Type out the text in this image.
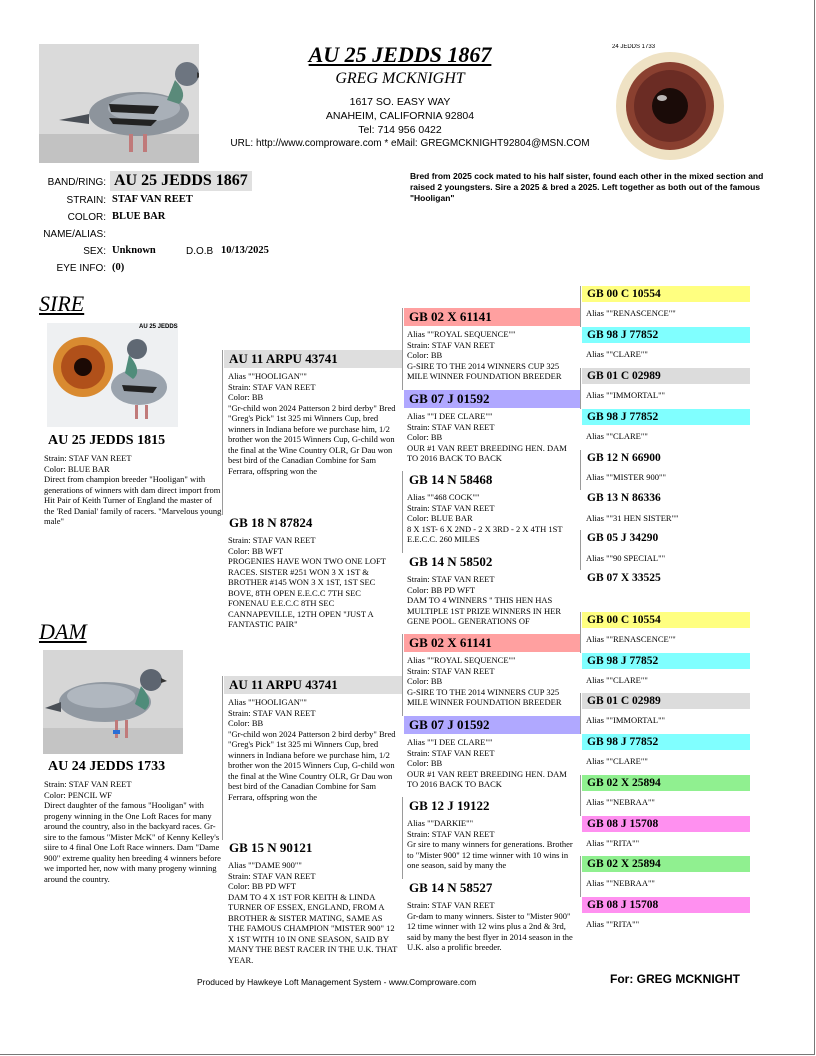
AU 25 JEDDS 1867
GREG MCKNIGHT
1617 SO. EASY WAY
ANAHEIM, CALIFORNIA 92804
Tel: 714 956 0422
URL: http://www.comproware.com * eMail: GREGMCKNIGHT92804@MSN.COM
24 JEDDS 1733
BAND/RING: AU 25 JEDDS 1867
STRAIN: STAF VAN REET
COLOR: BLUE BAR
NAME/ALIAS:
SEX: Unknown	D.O.B 10/13/2025
EYE INFO: (0)
Bred from 2025 cock mated to his half sister, found each other in the mixed section and raised 2 youngsters. Sire a 2025 & bred a 2025. Left together as both out of the famous "Hooligan"
SIRE
AU 25 JEDDS
AU 25 JEDDS 1815
Strain: STAF VAN REET
Color: BLUE BAR
Direct from champion breeder "Hooligan" with generations of winners with dam direct import from Hit Pair of Keith Turner of England the master of the 'Red Danial' family of racers. "Marvelous young male"
AU 11 ARPU 43741
Alias ""HOOLIGAN""
Strain: STAF VAN REET
Color: BB
"Gr-child won 2024 Patterson 2 bird derby" Bred "Greg's Pick" 1st 325 mi Winners Cup, bred winners in Indiana before we purchase him, 1/2 brother won the 2015 Winners Cup, G-child won the final at the Wine Country OLR, Gr Dau won best bird of the Canadian Combine for Sam Ferrara, offspring won the
GB 18 N 87824
Strain: STAF VAN REET
Color: BB WFT
PROGENIES HAVE WON TWO ONE LOFT RACES. SISTER #251 WON 3 X 1ST & BROTHER #145 WON 3 X 1ST, 1ST SEC BOVE, 8TH OPEN E.E.C.C 7TH SEC FONENAU E.E.C.C 8TH SEC CANNAPEVILLE, 12TH OPEN "JUST A FANTASTIC PAIR"
GB 02 X 61141
Alias ""ROYAL SEQUENCE""
Strain: STAF VAN REET
Color: BB
G-SIRE TO THE 2014 WINNERS CUP 325 MILE WINNER FOUNDATION BREEDER
GB 07 J 01592
Alias ""I DEE CLARE""
Strain: STAF VAN REET
Color: BB
OUR #1 VAN REET BREEDING HEN. DAM TO 2016 BACK TO BACK
GB 14 N 58468
Alias ""468 COCK""
Strain: STAF VAN REET
Color: BLUE BAR
8 X 1ST- 6 X 2ND - 2 X 3RD - 2 X 4TH 1ST E.E.C.C. 260 MILES
GB 14 N 58502
Strain: STAF VAN REET
Color: BB PD WFT
DAM TO 4 WINNERS " THIS HEN HAS MULTIPLE 1ST PRIZE WINNERS IN HER GENE POOL. GENERATIONS OF
GB 00 C 10554
Alias ""RENASCENCE""
GB 98 J 77852
Alias ""CLARE""
GB 01 C 02989
Alias ""IMMORTAL""
GB 98 J 77852
Alias ""CLARE""
GB 12 N 66900
Alias ""MISTER 900""
GB 13 N 86336
Alias ""31 HEN SISTER""
GB 05 J 34290
Alias ""90 SPECIAL""
GB 07 X 33525
DAM
AU 24 JEDDS 1733
Strain: STAF VAN REET
Color: PENCIL WF
Direct daughter of the famous "Hooligan" with progeny winning in the One Loft Races for many around the country, also in the backyard races. Gr-sire to the famous "Mister McK" of Kenny Kelley's siire to 4 final One Loft Race winners. Dam "Dame 900" extreme quality hen breeding 4 winners before we imported her, now with many progeny winning around the country.
AU 11 ARPU 43741
Alias ""HOOLIGAN""
Strain: STAF VAN REET
Color: BB
"Gr-child won 2024 Patterson 2 bird derby" Bred "Greg's Pick" 1st 325 mi Winners Cup, bred winners in Indiana before we purchase him, 1/2 brother won the 2015 Winners Cup, G-child won the final at the Wine Country OLR, Gr Dau won best bird of the Canadian Combine for Sam Ferrara, offspring won the
GB 15 N 90121
Alias ""DAME 900""
Strain: STAF VAN REET
Color: BB PD WFT
DAM TO 4 X 1ST FOR KEITH & LINDA TURNER OF ESSEX, ENGLAND, FROM A BROTHER & SISTER MATING, SAME AS THE FAMOUS CHAMPION "MISTER 900" 12 X 1ST WITH 10 IN ONE SEASON, SAID BY MANY THE BEST RACER IN THE U.K. THAT YEAR.
GB 02 X 61141
Alias ""ROYAL SEQUENCE""
Strain: STAF VAN REET
Color: BB
G-SIRE TO THE 2014 WINNERS CUP 325 MILE WINNER FOUNDATION BREEDER
GB 07 J 01592
Alias ""I DEE CLARE""
Strain: STAF VAN REET
Color: BB
OUR #1 VAN REET BREEDING HEN. DAM TO 2016 BACK TO BACK
GB 12 J 19122
Alias ""DARKIE""
Strain: STAF VAN REET
Gr sire to many winners for generations. Brother to "Mister 900" 12 time winner with 10 wins in one season, said by many the
GB 14 N 58527
Strain: STAF VAN REET
Gr-dam to many winners. Sister to "Mister 900" 12 time winner with 12 wins plus a 2nd & 3rd, said by many the best flyer in 2014 season in the U.K. also a prolific breeder.
GB 00 C 10554
Alias ""RENASCENCE""
GB 98 J 77852
Alias ""CLARE""
GB 01 C 02989
Alias ""IMMORTAL""
GB 98 J 77852
Alias ""CLARE""
GB 02 X 25894
Alias ""NEBRAA""
GB 08 J 15708
Alias ""RITA""
GB 02 X 25894
Alias ""NEBRAA""
GB 08 J 15708
Alias ""RITA""
Produced by Hawkeye Loft Management System - www.Comproware.com	For: GREG MCKNIGHT
